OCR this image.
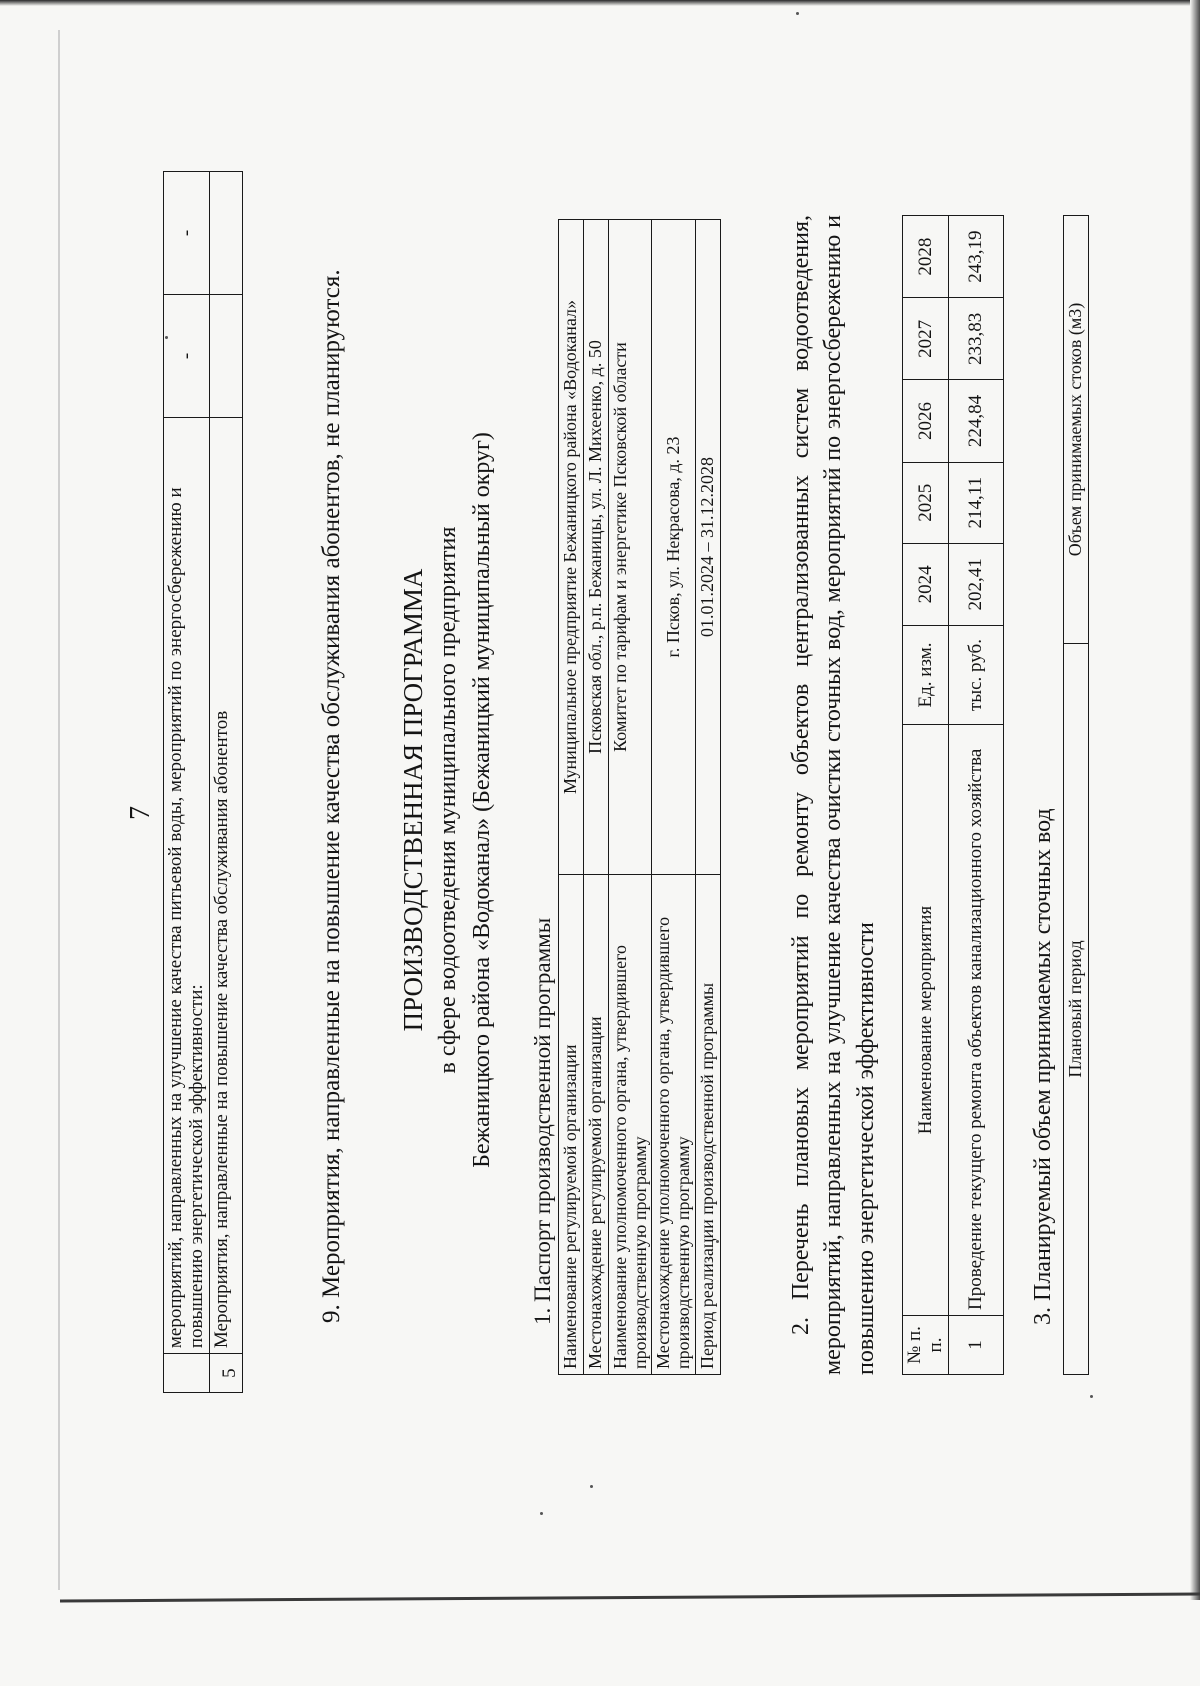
7
	мероприятий, направленных на улучшение качества питьевой воды, мероприятий по энергосбережению и повышению энергетической эффективности:	-	-
5	Мероприятия, направленные на повышение качества обслуживания абонентов			9. Мероприятия, направленные на повышение качества обслуживания абонентов, не планируются. ПРОИЗВОДСТВЕННАЯ ПРОГРАММА в сфере водоотведения муниципального предприятия Бежаницкого района «Водоканал» (Бежаницкий муниципальный округ) 1. Паспорт производственной программы Наименование регулируемой организации	Муниципальное предприятие Бежаницкого района «Водоканал»
Местонахождение регулируемой организации	Псковская обл., р.п. Бежаницы, ул. Л. Михеенко, д. 50
Наименование уполномоченного органа, утвердившего производственную программу	Комитет по тарифам и энергетике Псковской области
Местонахождение уполномоченного органа, утвердившего производственную программу	г. Псков, ул. Некрасова, д. 23
Период реализации производственной программы	01.01.2024 – 31.12.2028	2. Перечень плановых мероприятий по ремонту объектов централизованных систем водоотведения, мероприятий, направленных на улучшение качества очистки сточных вод, мероприятий по энергосбережению и повышению энергетической эффективности № п. п.	Наименование мероприятия	Ед. изм.	2024	2025	2026	2027	2028
1	Проведение текущего ремонта объектов канализационного хозяйства	тыс. руб.	202,41	214,11	224,84	233,83	243,19
3. Планируемый объем принимаемых сточных вод Плановый период	Объем принимаемых стоков (м3)
